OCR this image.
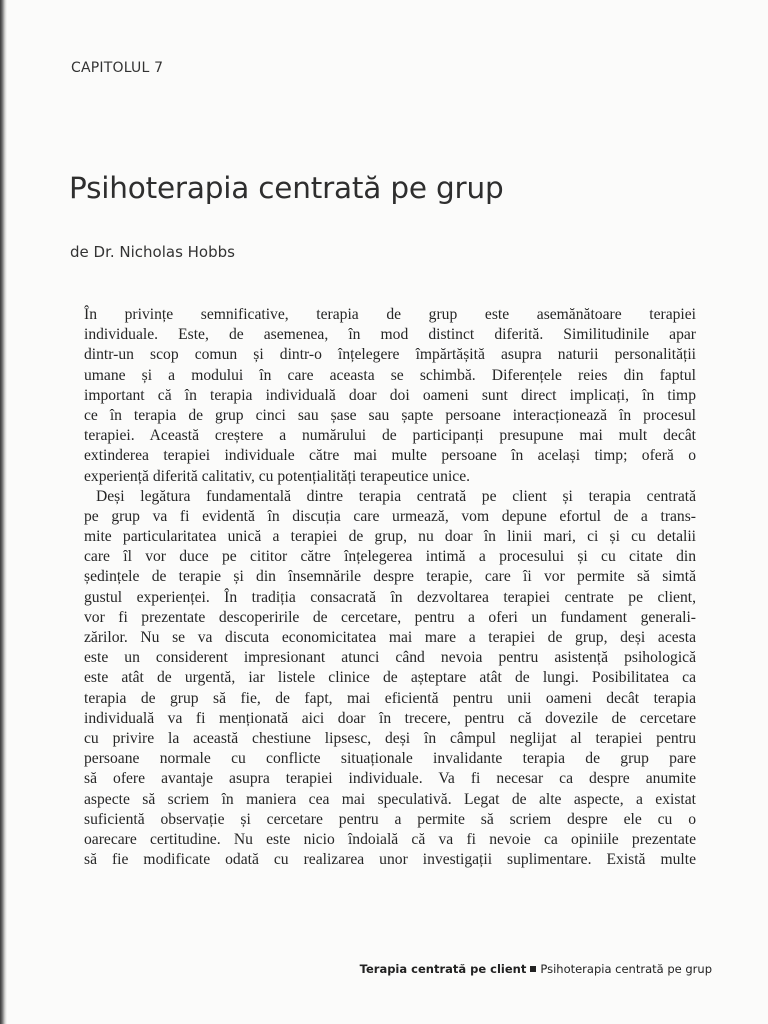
CAPITOLUL 7
Psihoterapia centrată pe grup
de Dr. Nicholas Hobbs

În privințe semnificative, terapia de grup este asemănătoare terapiei
individuale. Este, de asemenea, în mod distinct diferită. Similitudinile apar
dintr-un scop comun și dintr-o înțelegere împărtășită asupra naturii personalității
umane și a modului în care aceasta se schimbă. Diferențele reies din faptul
important că în terapia individuală doar doi oameni sunt direct implicați, în timp
ce în terapia de grup cinci sau șase sau șapte persoane interacționează în procesul
terapiei. Această creștere a numărului de participanți presupune mai mult decât
extinderea terapiei individuale către mai multe persoane în același timp; oferă o
experiență diferită calitativ, cu potențialități terapeutice unice.

Deși legătura fundamentală dintre terapia centrată pe client și terapia centrată
pe grup va fi evidentă în discuția care urmează, vom depune efortul de a trans-
mite particularitatea unică a terapiei de grup, nu doar în linii mari, ci și cu detalii
care îl vor duce pe cititor către înțelegerea intimă a procesului și cu citate din
ședințele de terapie și din însemnările despre terapie, care îi vor permite să simtă
gustul experienței. În tradiția consacrată în dezvoltarea terapiei centrate pe client,
vor fi prezentate descoperirile de cercetare, pentru a oferi un fundament generali-
zărilor. Nu se va discuta economicitatea mai mare a terapiei de grup, deși acesta
este un considerent impresionant atunci când nevoia pentru asistență psihologică
este atât de urgentă, iar listele clinice de așteptare atât de lungi. Posibilitatea ca
terapia de grup să fie, de fapt, mai eficientă pentru unii oameni decât terapia
individuală va fi menționată aici doar în trecere, pentru că dovezile de cercetare
cu privire la această chestiune lipsesc, deși în câmpul neglijat al terapiei pentru
persoane normale cu conflicte situaționale invalidante terapia de grup pare
să ofere avantaje asupra terapiei individuale. Va fi necesar ca despre anumite
aspecte să scriem în maniera cea mai speculativă. Legat de alte aspecte, a existat
suficientă observație și cercetare pentru a permite să scriem despre ele cu o
oarecare certitudine. Nu este nicio îndoială că va fi nevoie ca opiniile prezentate
să fie modificate odată cu realizarea unor investigații suplimentare. Există multe

Terapia centrată pe client Psihoterapia centrată pe grup
